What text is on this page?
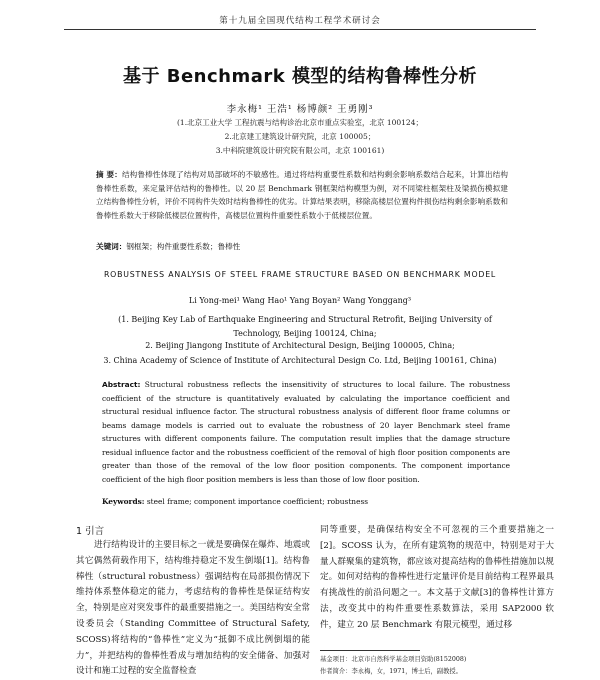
第十九届全国现代结构工程学术研讨会
基于 Benchmark 模型的结构鲁棒性分析
李永梅¹ 王浩¹ 杨博颜² 王勇刚³
(1.北京工业大学 工程抗震与结构诊治北京市重点实验室，北京 100124；
2.北京建工建筑设计研究院，北京 100005；
3.中科院建筑设计研究院有限公司，北京 100161)
摘 要：结构鲁棒性体现了结构对局部破坏的不敏感性。通过将结构重要性系数和结构剩余影响系数结合起来，计算出结构鲁棒性系数，来定量评估结构的鲁棒性。以 20 层 Benchmark 钢框架结构模型为例，对不同梁柱框架柱及梁损伤模拟建立结构鲁棒性分析，评价不同构件失效时结构鲁棒性的优劣。计算结果表明，移除高楼层位置构件损伤结构剩余影响系数和鲁棒性系数大于移除低楼层位置构件，高楼层位置构件重要性系数小于低楼层位置。
关键词：钢框架；构件重要性系数；鲁棒性
ROBUSTNESS ANALYSIS OF STEEL FRAME STRUCTURE BASED ON BENCHMARK MODEL
Li Yong-mei¹ Wang Hao¹ Yang Boyan² Wang Yonggang³
(1. Beijing Key Lab of Earthquake Engineering and Structural Retrofit, Beijing University of Technology, Beijing 100124, China;
2. Beijing Jiangong Institute of Architectural Design, Beijing 100005, China;
3. China Academy of Science of Institute of Architectural Design Co. Ltd, Beijing 100161, China)
Abstract: Structural robustness reflects the insensitivity of structures to local failure. The robustness coefficient of the structure is quantitatively evaluated by calculating the importance coefficient and structural residual influence factor. The structural robustness analysis of different floor frame columns or beams damage models is carried out to evaluate the robustness of 20 layer Benchmark steel frame structures with different components failure. The computation result implies that the damage structure residual influence factor and the robustness coefficient of the removal of high floor position components are greater than those of the removal of the low floor position components. The component importance coefficient of the high floor position members is less than those of low floor position.
Keywords: steel frame; component importance coefficient; robustness
1 引言
进行结构设计的主要目标之一就是要确保在爆炸、地震或其它偶然荷载作用下，结构维持稳定不发生倒塌[1]。结构鲁棒性（structural robustness）强调结构在局部损伤情况下维持体系整体稳定的能力，考虑结构的鲁棒性是保证结构安全，特别是应对突发事件的最重要措施之一。美国结构安全常设委员会（Standing Committee of Structural Safety, SCOSS)将结构的“鲁棒性”定义为“抵御不成比例倒塌的能力”，并把结构的鲁棒性看成与增加结构的安全储备、加强对设计和施工过程的安全监督检查
同等重要，是确保结构安全不可忽视的三个重要措施之一[2]。SCOSS 认为，在所有建筑物的规范中，特别是对于大量人群聚集的建筑物，都应该对提高结构的鲁棒性措施加以规定。如何对结构的鲁棒性进行定量评价是目前结构工程界最具有挑战性的前沿问题之一。本文基于文献[3]的鲁棒性计算方法，改变其中的构件重要性系数算法，采用 SAP2000 软件，建立 20 层 Benchmark 有限元模型，通过移
基金项目：北京市自然科学基金项目资助(8152008)
作者简介：李永梅，女，1971，博士后，副教授。
